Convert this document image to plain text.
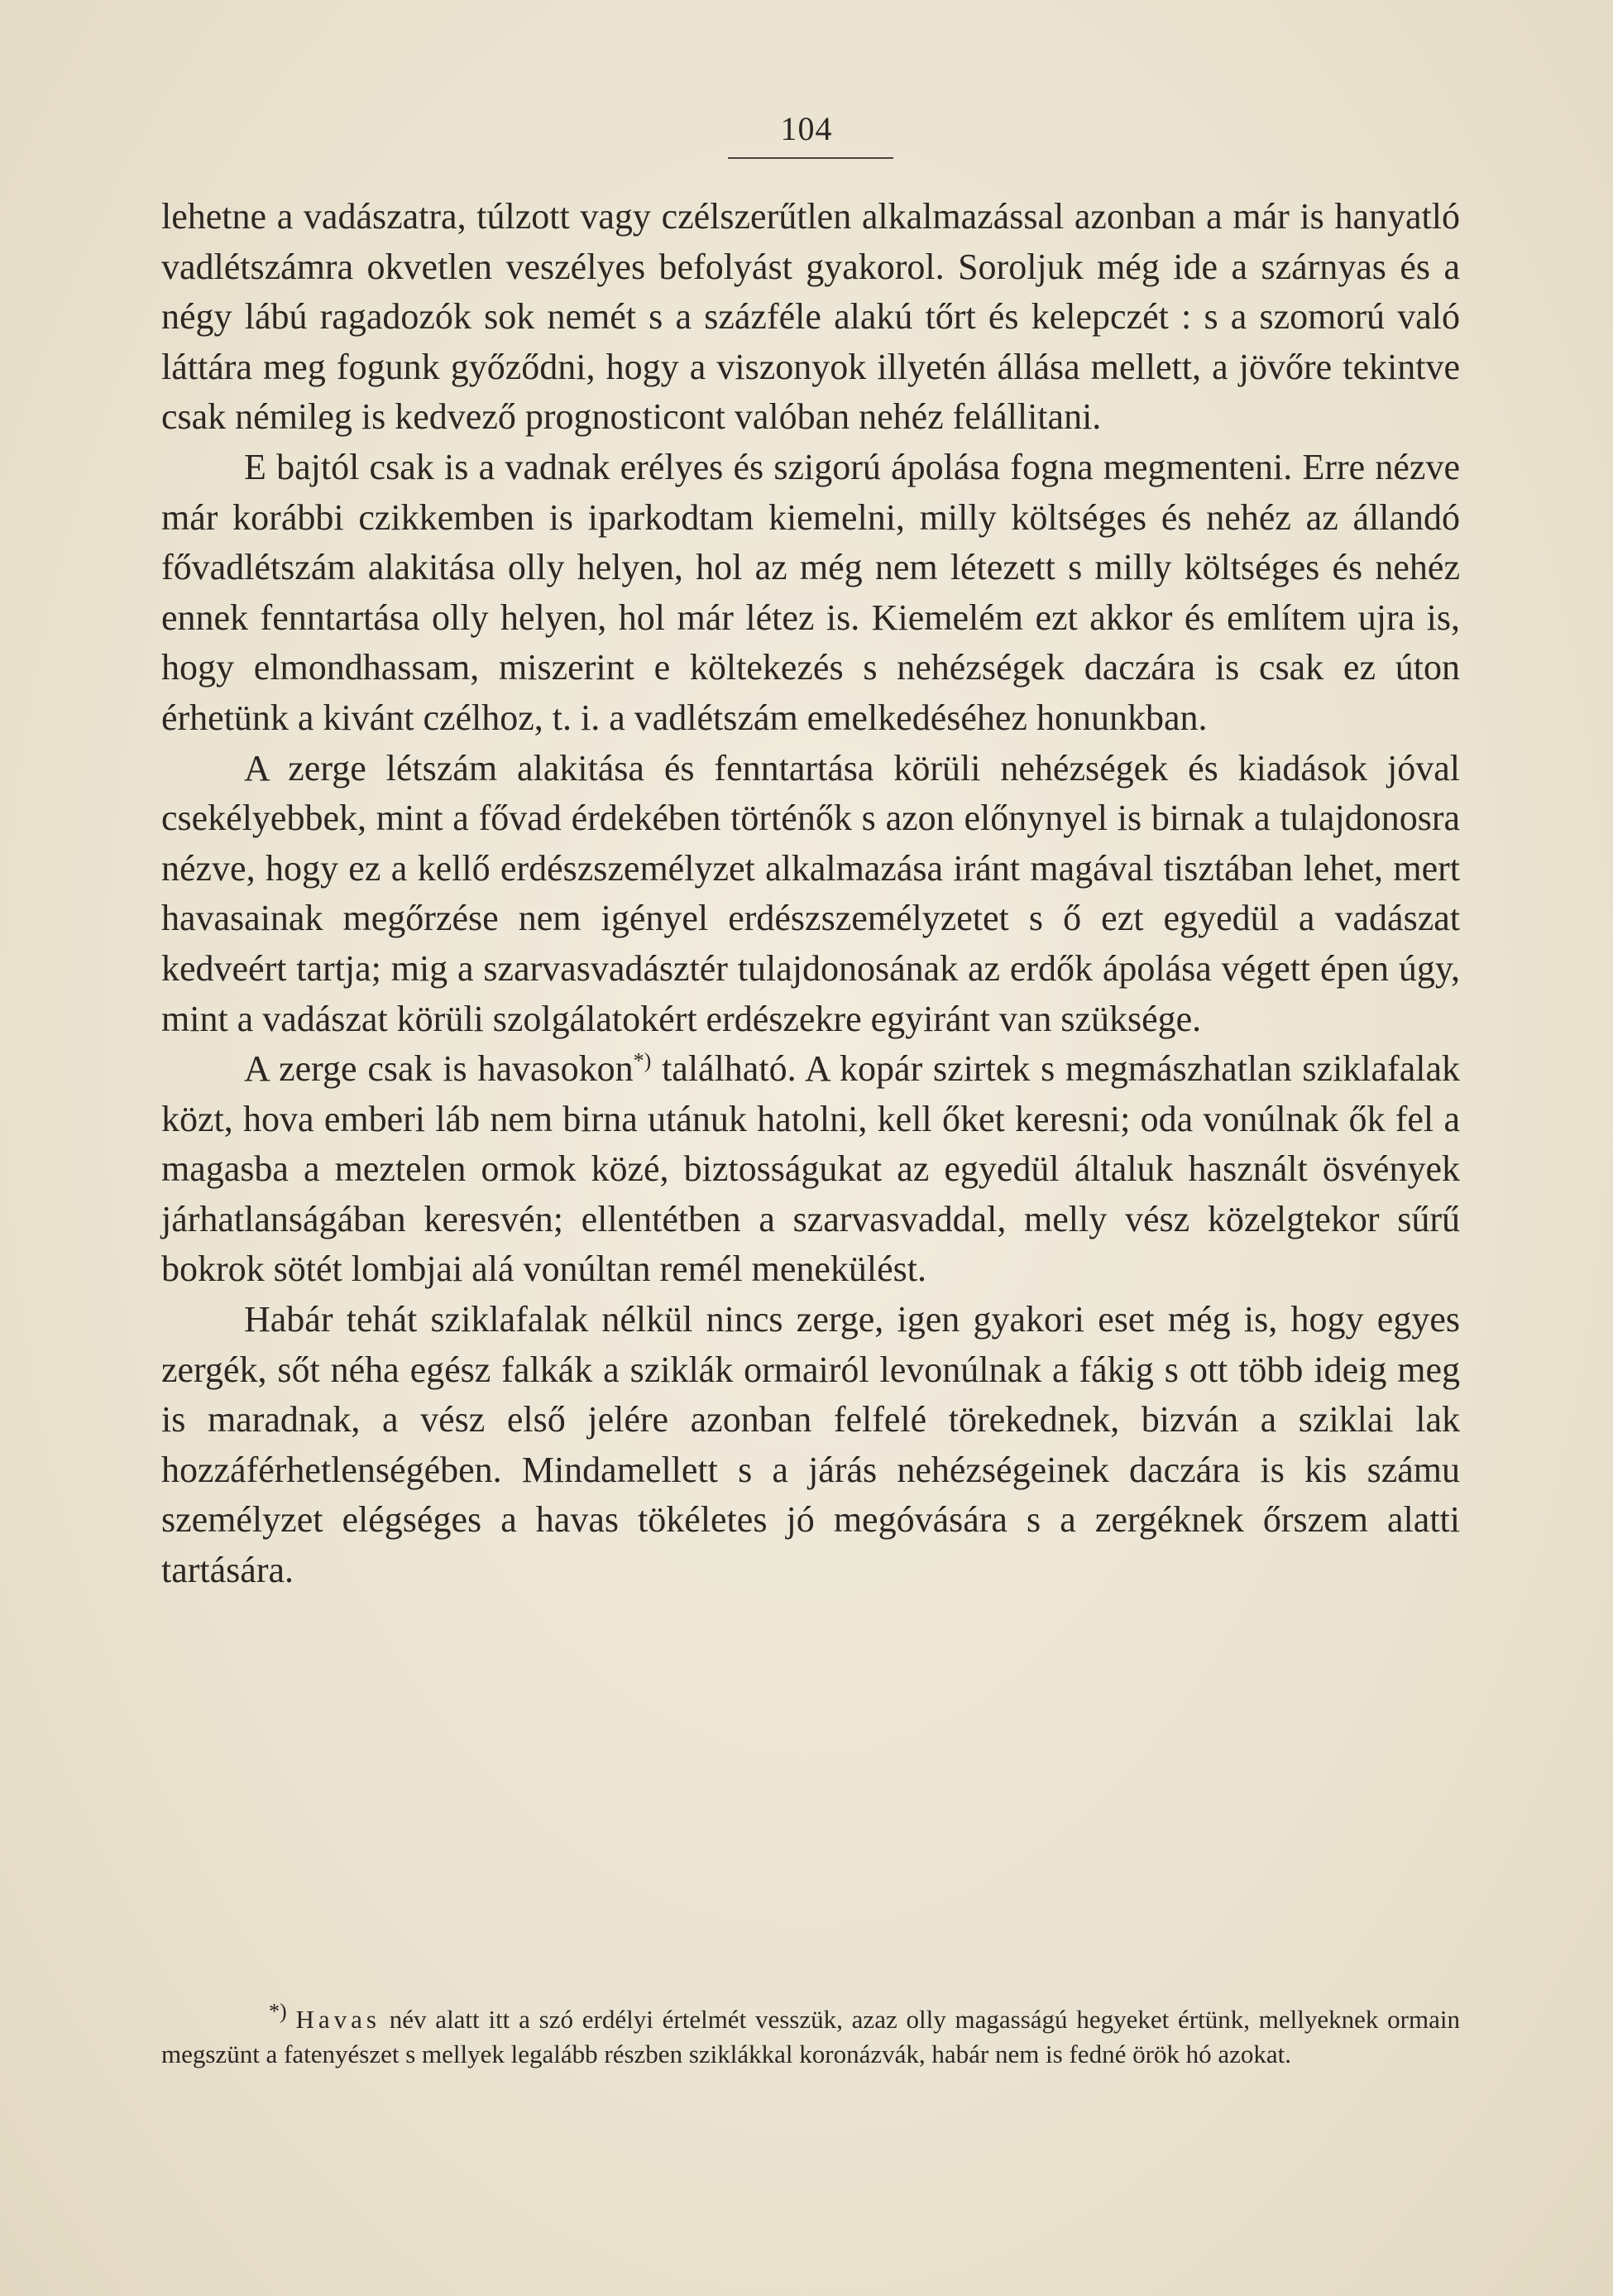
104

lehetne a vadászatra, túlzott vagy czélszerűtlen alkalmazással azonban a már is hanyatló vadlétszámra okvetlen veszélyes befolyást gyakorol. Soroljuk még ide a szárnyas és a négy lábú ragadozók sok nemét s a százféle alakú tőrt és kelepczét : s a szomorú való láttára meg fogunk győződni, hogy a viszonyok illyetén állása mellett, a jövőre tekintve csak némileg is kedvező prognosticont valóban nehéz felállitani.

E bajtól csak is a vadnak erélyes és szigorú ápolása fogna megmenteni. Erre nézve már korábbi czikkemben is iparkodtam kiemelni, milly költséges és nehéz az állandó fővadlétszám alakitása olly helyen, hol az még nem létezett s milly költséges és nehéz ennek fenntartása olly helyen, hol már létez is. Kiemelém ezt akkor és említem ujra is, hogy elmondhassam, miszerint e költekezés s nehézségek daczára is csak ez úton érhetünk a kivánt czélhoz, t. i. a vadlétszám emelkedéséhez honunkban.

A zerge létszám alakitása és fenntartása körüli nehézségek és kiadások jóval csekélyebbek, mint a fővad érdekében történők s azon előnynyel is birnak a tulajdonosra nézve, hogy ez a kellő erdészszemélyzet alkalmazása iránt magával tisztában lehet, mert havasainak megőrzése nem igényel erdészszemélyzetet s ő ezt egyedül a vadászat kedveért tartja; mig a szarvasvadásztér tulajdonosának az erdők ápolása végett épen úgy, mint a vadászat körüli szolgálatokért erdészekre egyiránt van szüksége.

A zerge csak is havasokon*) található. A kopár szirtek s megmászhatlan sziklafalak közt, hova emberi láb nem birna utánuk hatolni, kell őket keresni; oda vonúlnak ők fel a magasba a meztelen ormok közé, biztosságukat az egyedül általuk használt ösvények járhatlanságában keresvén; ellentétben a szarvasvaddal, melly vész közelgtekor sűrű bokrok sötét lombjai alá vonúltan remél menekülést.

Habár tehát sziklafalak nélkül nincs zerge, igen gyakori eset még is, hogy egyes zergék, sőt néha egész falkák a sziklák ormairól levonúlnak a fákig s ott több ideig meg is maradnak, a vész első jelére azonban felfelé törekednek, bizván a sziklai lak hozzáférhetlenségében. Mindamellett s a járás nehézségeinek daczára is kis számu személyzet elégséges a havas tökéletes jó megóvására s a zergéknek őrszem alatti tartására.

*) Havas név alatt itt a szó erdélyi értelmét vesszük, azaz olly magasságú hegyeket értünk, mellyeknek ormain megszünt a fatenyészet s mellyek legalább részben sziklákkal koronázvák, habár nem is fedné örök hó azokat.
